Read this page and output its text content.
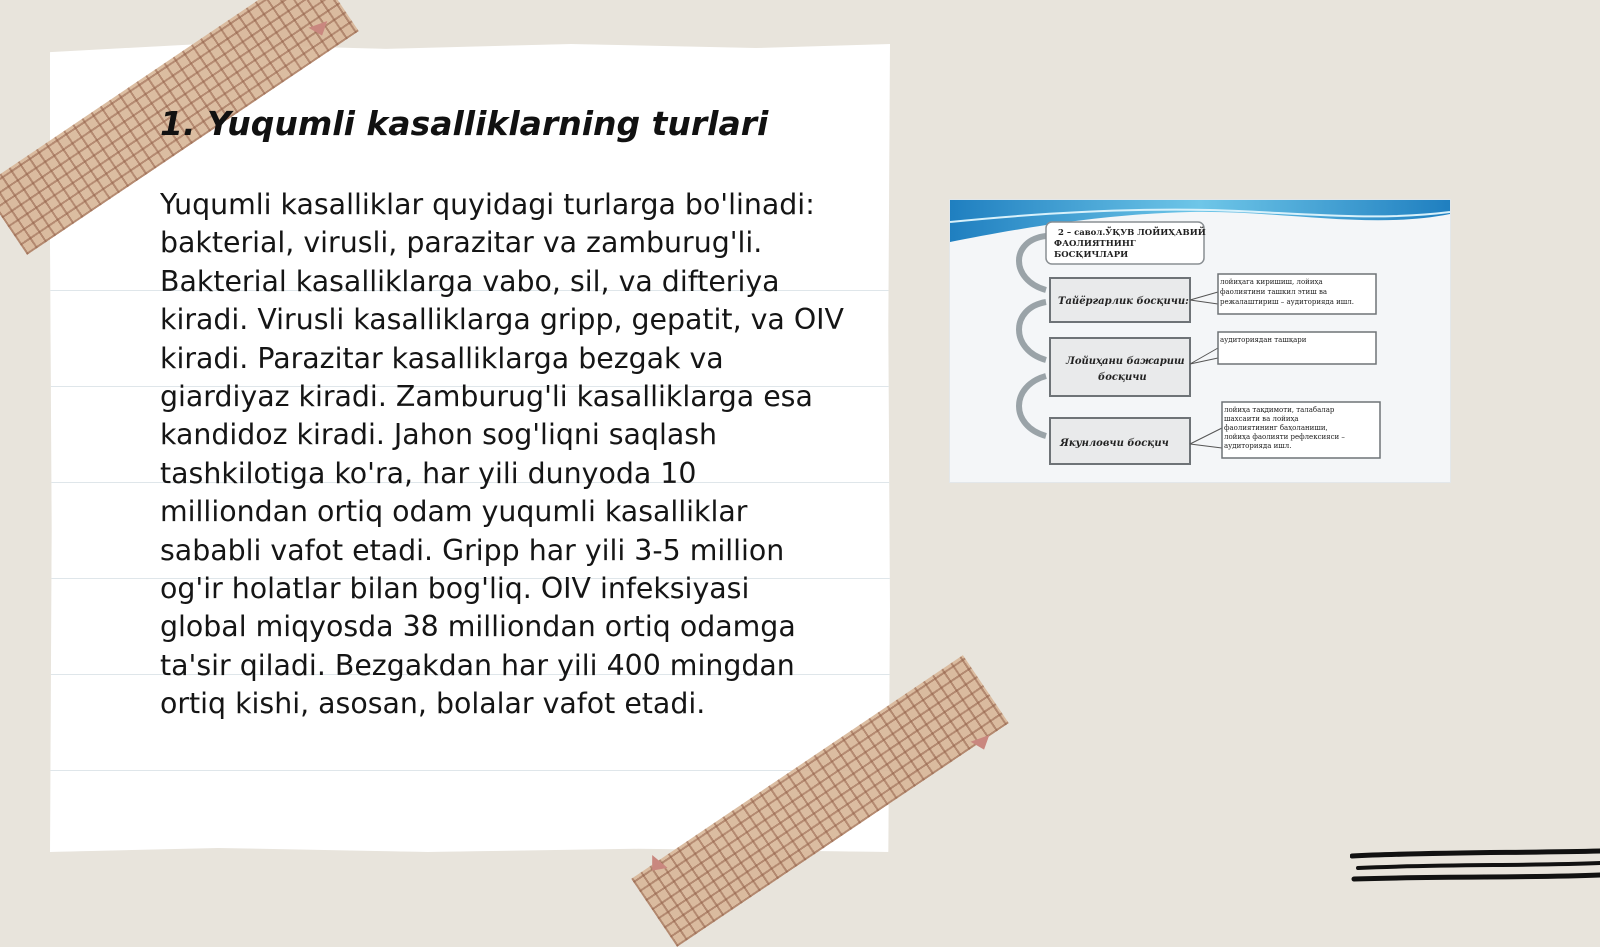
1. Yuqumli kasalliklarning turlari

Yuqumli kasalliklar quyidagi turlarga bo'linadi: bakterial, virusli, parazitar va zamburug'li. Bakterial kasalliklarga vabo, sil, va difteriya kiradi. Virusli kasalliklarga gripp, gepatit, va OIV kiradi. Parazitar kasalliklarga bezgak va giardiyaz kiradi. Zamburug'li kasalliklarga esa kandidoz kiradi. Jahon sog'liqni saqlash tashkilotiga ko'ra, har yili dunyoda 10 milliondan ortiq odam yuqumli kasalliklar sababli vafot etadi. Gripp har yili 3-5 million og'ir holatlar bilan bog'liq. OIV infeksiyasi global miqyosda 38 milliondan ortiq odamga ta'sir qiladi. Bezgakdan har yili 400 mingdan ortiq kishi, asosan, bolalar vafot etadi.

2 – савол.ЎҚУВ ЛОЙИҲАВИЙ
ФАОЛИЯТНИНГ
БОСҚИЧЛАРИ
Тайёргарлик босқичи:
лойиҳага киришиш, лойиҳа
фаолиятини ташкил этиш ва
режалаштириш – аудиторияда ишл.
Лойиҳани бажариш
босқичи
аудиториядан ташқари
Якунловчи босқич
лойиҳа тақдимоти, талабалар
шахсаити ва лойиҳа
фаолиятининг баҳоланиши,
лойиҳа фаолияти рефлексияси –
аудиторияда ишл.
